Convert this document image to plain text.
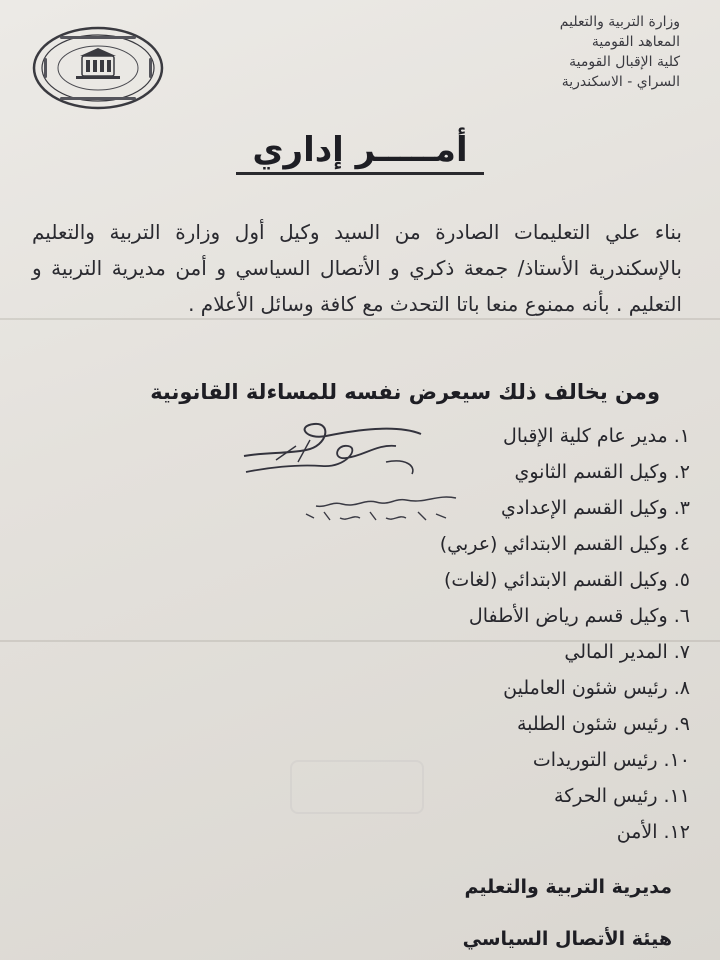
وزارة التربية والتعليم
المعاهد القومية
كلية الإقبال القومية
السراي - الاسكندرية
أمـــــر إداري
بناء علي التعليمات الصادرة من السيد وكيل أول وزارة التربية والتعليم بالإسكندرية الأستاذ/ جمعة ذكري و الأتصال السياسي و أمن مديرية التربية و التعليم . بأنه ممنوع منعا باتا التحدث مع كافة وسائل الأعلام .
ومن يخالف ذلك سيعرض نفسه للمساءلة القانونية
١.مدير عام كلية الإقبال
٢.وكيل القسم الثانوي
٣.وكيل القسم الإعدادي
٤.وكيل القسم الابتدائي (عربي)
٥.وكيل القسم الابتدائي (لغات)
٦.وكيل قسم رياض الأطفال
٧.المدير المالي
٨.رئيس شئون العاملين
٩.رئيس شئون الطلبة
١٠.رئيس التوريدات
١١.رئيس الحركة
١٢.الأمن
مديرية التربية والتعليم
هيئة الأتصال السياسي
